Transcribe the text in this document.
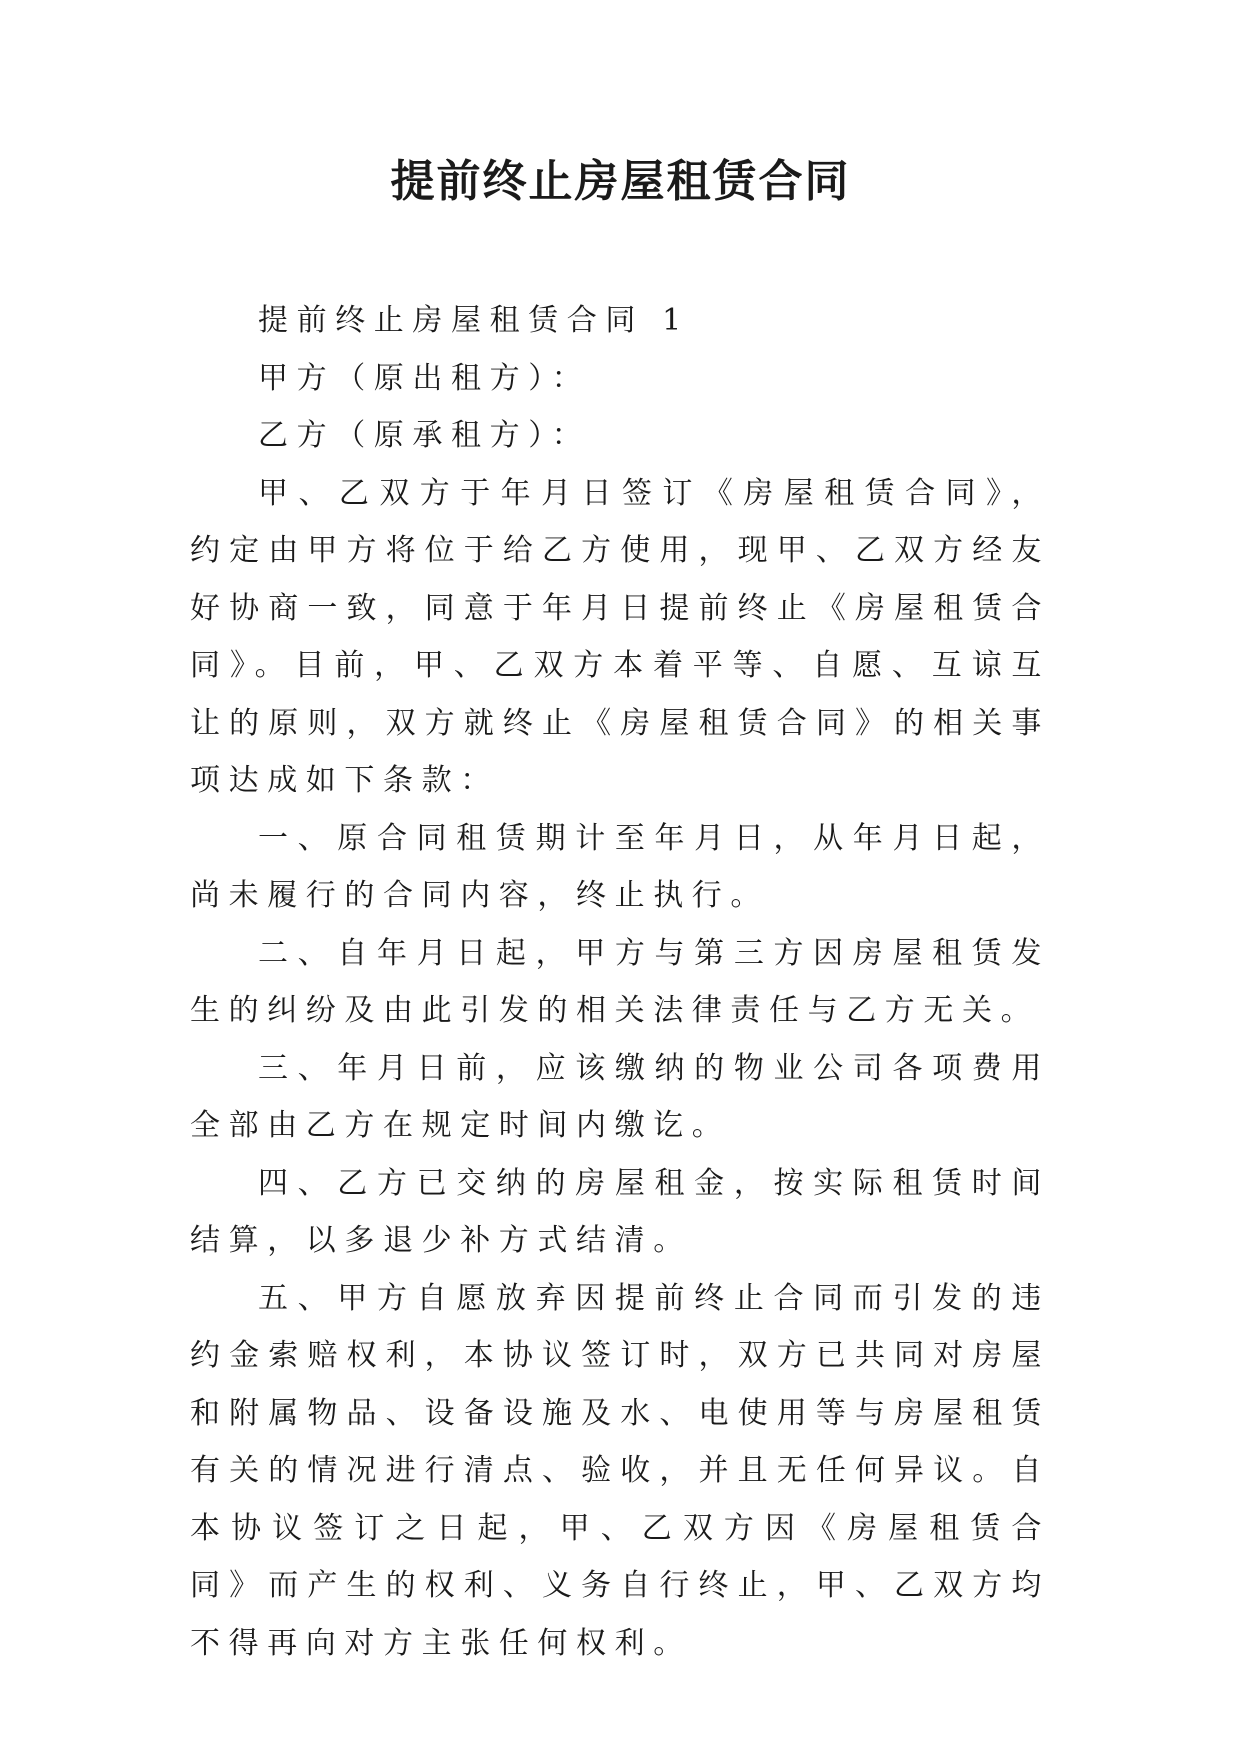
提前终止房屋租赁合同

提前终止房屋租赁合同 1

甲方（原出租方）：

乙方（原承租方）：

甲、乙双方于年月日签订《房屋租赁合同》，约定由甲方将位于给乙方使用，现甲、乙双方经友好协商一致，同意于年月日提前终止《房屋租赁合同》。目前，甲、乙双方本着平等、自愿、互谅互让的原则，双方就终止《房屋租赁合同》的相关事项达成如下条款：

一、原合同租赁期计至年月日，从年月日起，尚未履行的合同内容，终止执行。

二、自年月日起，甲方与第三方因房屋租赁发生的纠纷及由此引发的相关法律责任与乙方无关。

三、年月日前，应该缴纳的物业公司各项费用全部由乙方在规定时间内缴讫。

四、乙方已交纳的房屋租金，按实际租赁时间结算，以多退少补方式结清。

五、甲方自愿放弃因提前终止合同而引发的违约金索赔权利，本协议签订时，双方已共同对房屋和附属物品、设备设施及水、电使用等与房屋租赁有关的情况进行清点、验收，并且无任何异议。自本协议签订之日起，甲、乙双方因《房屋租赁合同》而产生的权利、义务自行终止，甲、乙双方均不得再向对方主张任何权利。
